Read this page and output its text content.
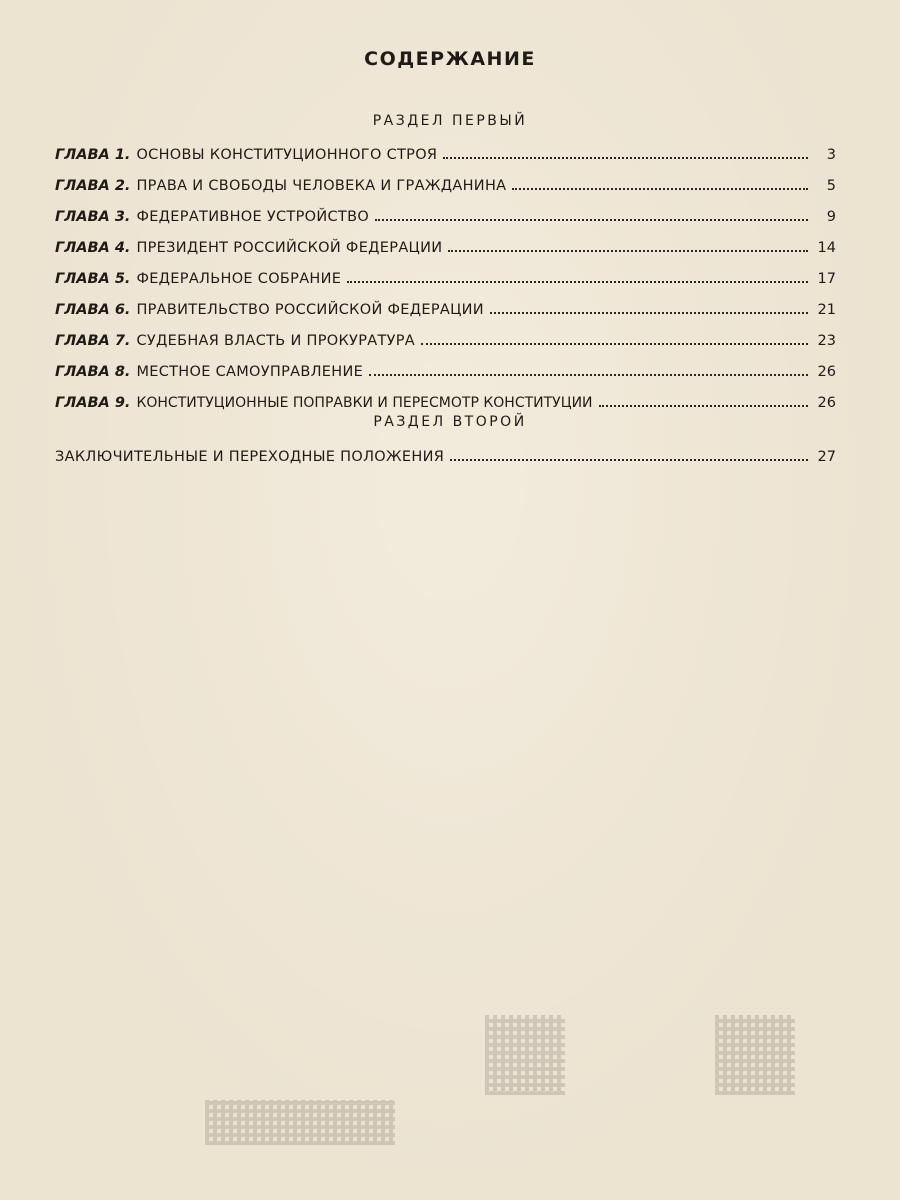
СОДЕРЖАНИЕ
РАЗДЕЛ ПЕРВЫЙ
ГЛАВА 1. ОСНОВЫ КОНСТИТУЦИОННОГО СТРОЯ	3
ГЛАВА 2. ПРАВА И СВОБОДЫ ЧЕЛОВЕКА И ГРАЖДАНИНА	5
ГЛАВА 3. ФЕДЕРАТИВНОЕ УСТРОЙСТВО	9
ГЛАВА 4. ПРЕЗИДЕНТ РОССИЙСКОЙ ФЕДЕРАЦИИ	14
ГЛАВА 5. ФЕДЕРАЛЬНОЕ СОБРАНИЕ	17
ГЛАВА 6. ПРАВИТЕЛЬСТВО РОССИЙСКОЙ ФЕДЕРАЦИИ	21
ГЛАВА 7. СУДЕБНАЯ ВЛАСТЬ И ПРОКУРАТУРА	23
ГЛАВА 8. МЕСТНОЕ САМОУПРАВЛЕНИЕ	26
ГЛАВА 9. КОНСТИТУЦИОННЫЕ ПОПРАВКИ И ПЕРЕСМОТР КОНСТИТУЦИИ	26
РАЗДЕЛ ВТОРОЙ
ЗАКЛЮЧИТЕЛЬНЫЕ И ПЕРЕХОДНЫЕ ПОЛОЖЕНИЯ	27
